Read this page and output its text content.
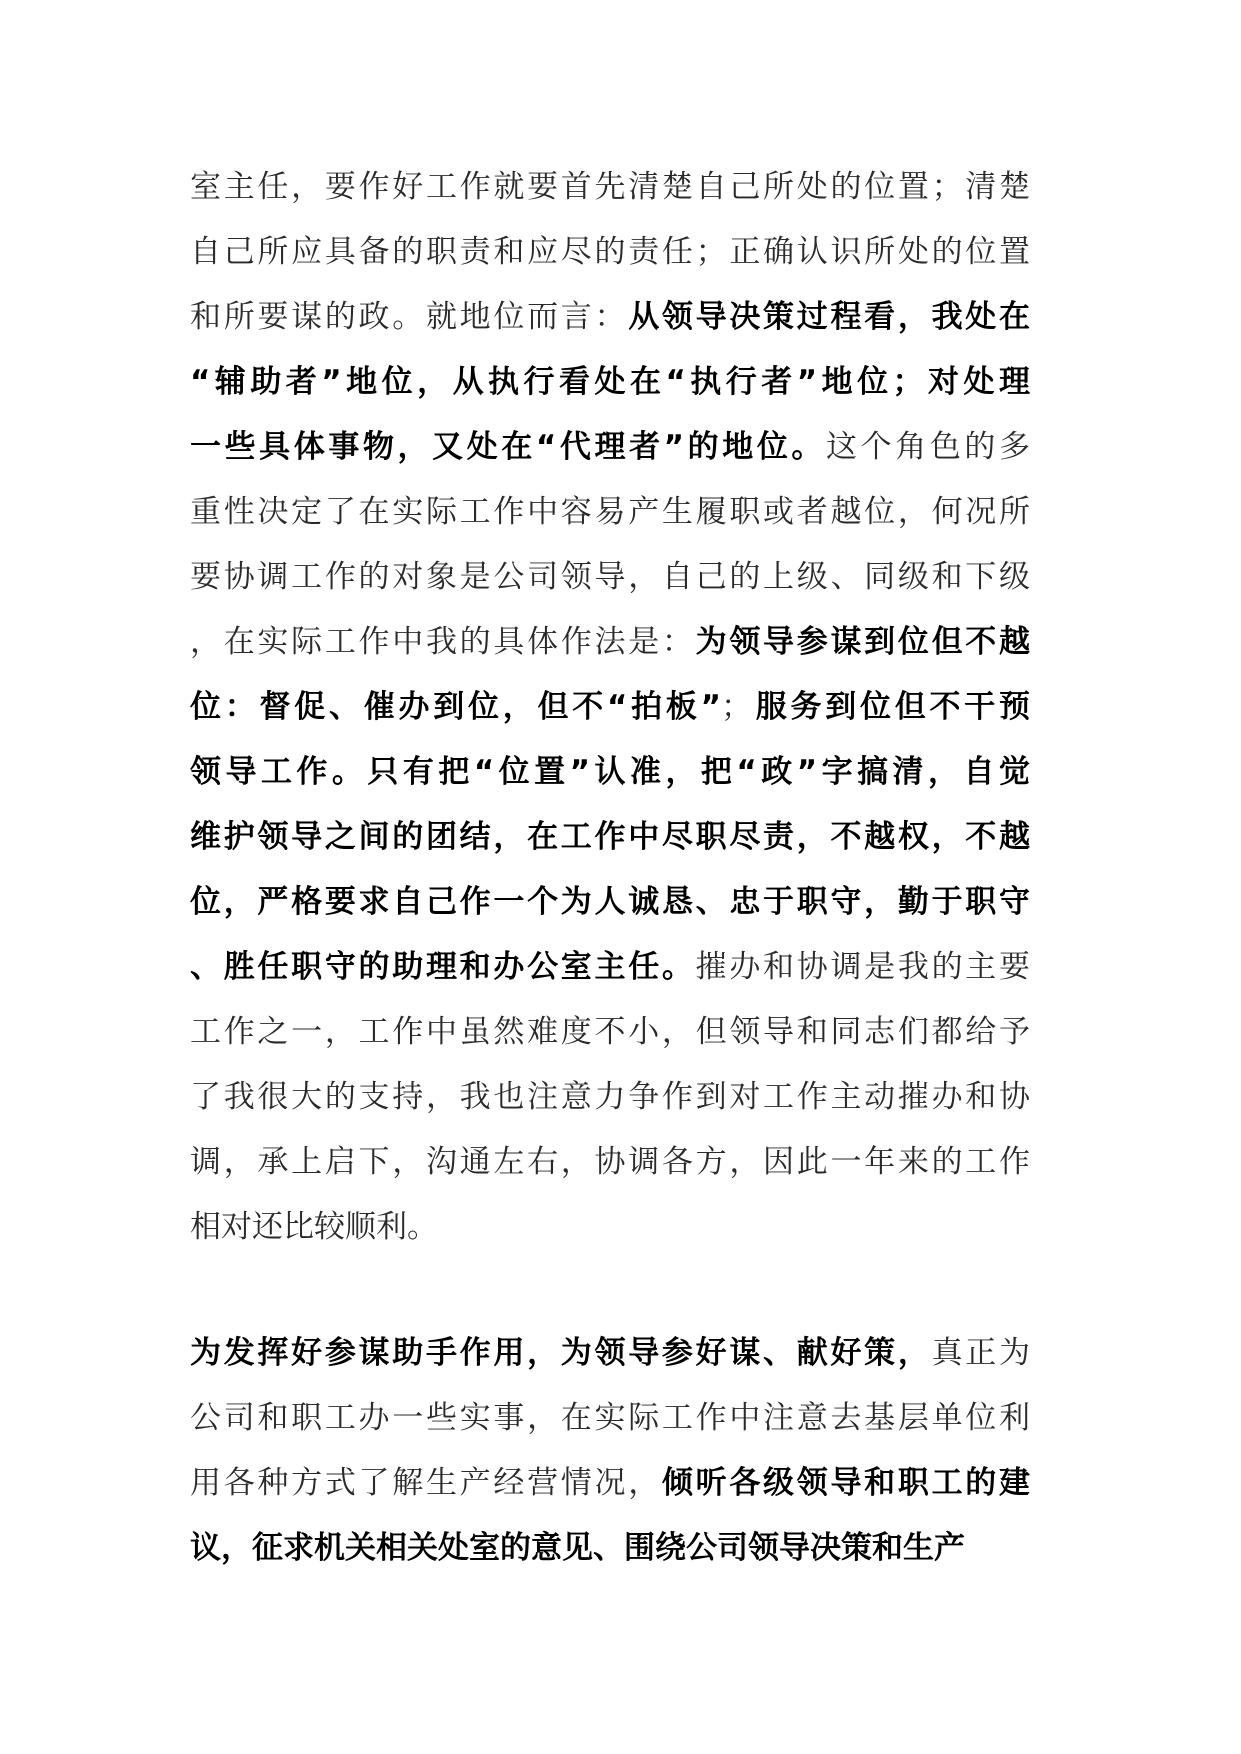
室主任，要作好工作就要首先清楚自己所处的位置；清楚
自己所应具备的职责和应尽的责任；正确认识所处的位置
和所要谋的政。就地位而言：从领导决策过程看，我处在
“辅助者”地位，从执行看处在“执行者”地位；对处理
一些具体事物，又处在“代理者”的地位。这个角色的多
重性决定了在实际工作中容易产生履职或者越位，何况所
要协调工作的对象是公司领导，自己的上级、同级和下级
，在实际工作中我的具体作法是：为领导参谋到位但不越
位：督促、催办到位，但不“拍板”；服务到位但不干预
领导工作。只有把“位置”认准，把“政”字搞清，自觉
维护领导之间的团结，在工作中尽职尽责，不越权，不越
位，严格要求自己作一个为人诚恳、忠于职守，勤于职守
、胜任职守的助理和办公室主任。摧办和协调是我的主要
工作之一，工作中虽然难度不小，但领导和同志们都给予
了我很大的支持，我也注意力争作到对工作主动摧办和协
调，承上启下，沟通左右，协调各方，因此一年来的工作
相对还比较顺利。
为发挥好参谋助手作用，为领导参好谋、献好策，真正为
公司和职工办一些实事，在实际工作中注意去基层单位利
用各种方式了解生产经营情况，倾听各级领导和职工的建
议，征求机关相关处室的意见、围绕公司领导决策和生产
